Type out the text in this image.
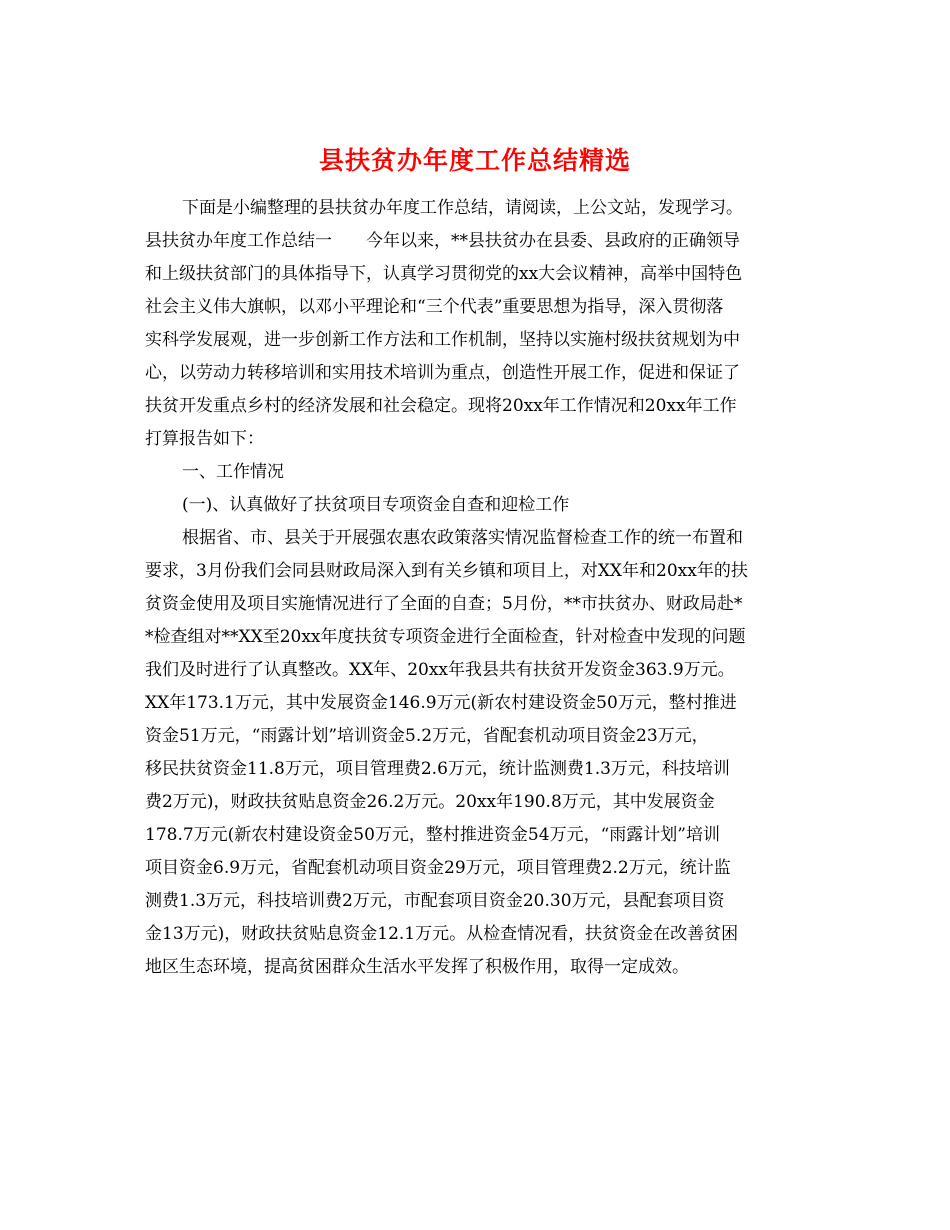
县扶贫办年度工作总结精选
下面是小编整理的县扶贫办年度工作总结，请阅读，上公文站，发现学习。
县扶贫办年度工作总结一　　今年以来，**县扶贫办在县委、县政府的正确领导
和上级扶贫部门的具体指导下，认真学习贯彻党的xx大会议精神，高举中国特色
社会主义伟大旗帜，以邓小平理论和“三个代表”重要思想为指导，深入贯彻落
实科学发展观，进一步创新工作方法和工作机制，坚持以实施村级扶贫规划为中
心，以劳动力转移培训和实用技术培训为重点，创造性开展工作，促进和保证了
扶贫开发重点乡村的经济发展和社会稳定。现将20xx年工作情况和20xx年工作
打算报告如下：
一、工作情况
(一)、认真做好了扶贫项目专项资金自查和迎检工作
根据省、市、县关于开展强农惠农政策落实情况监督检查工作的统一布置和
要求，3月份我们会同县财政局深入到有关乡镇和项目上，对XX年和20xx年的扶
贫资金使用及项目实施情况进行了全面的自查；5月份，**市扶贫办、财政局赴*
*检查组对**XX至20xx年度扶贫专项资金进行全面检查，针对检查中发现的问题
我们及时进行了认真整改。XX年、20xx年我县共有扶贫开发资金363.9万元。
XX年173.1万元，其中发展资金146.9万元(新农村建设资金50万元，整村推进
资金51万元，“雨露计划”培训资金5.2万元，省配套机动项目资金23万元，
移民扶贫资金11.8万元，项目管理费2.6万元，统计监测费1.3万元，科技培训
费2万元)，财政扶贫贴息资金26.2万元。20xx年190.8万元，其中发展资金
178.7万元(新农村建设资金50万元，整村推进资金54万元，“雨露计划”培训
项目资金6.9万元，省配套机动项目资金29万元，项目管理费2.2万元，统计监
测费1.3万元，科技培训费2万元，市配套项目资金20.30万元，县配套项目资
金13万元)，财政扶贫贴息资金12.1万元。从检查情况看，扶贫资金在改善贫困
地区生态环境，提高贫困群众生活水平发挥了积极作用，取得一定成效。
